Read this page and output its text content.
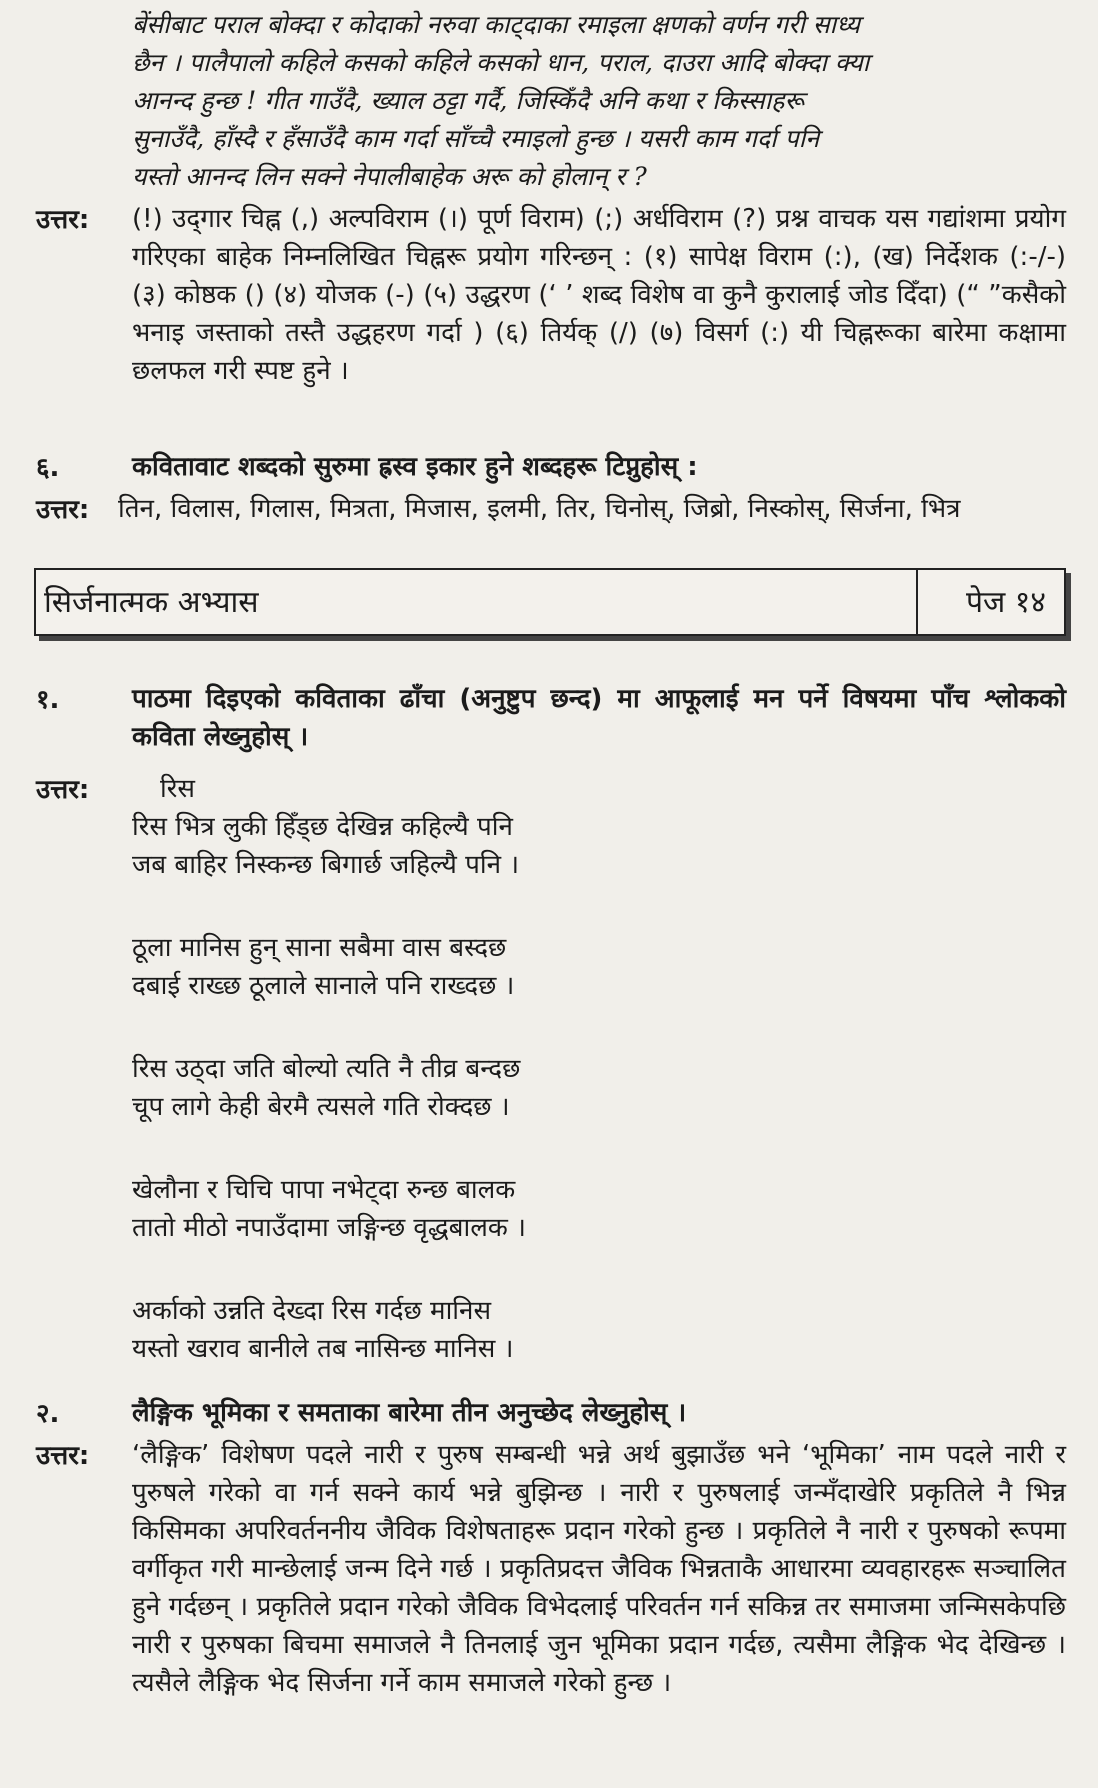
बेंसीबाट पराल बोक्दा र कोदाको नरुवा काट्दाका रमाइला क्षणको वर्णन गरी साध्य
छैन । पालैपालो कहिले कसको कहिले कसको धान, पराल, दाउरा आदि बोक्दा क्या
आनन्द हुन्छ ! गीत गाउँदै, ख्याल ठट्टा गर्दै, जिस्किँदै अनि कथा र किस्साहरू
सुनाउँदै, हाँस्दै र हँसाउँदै काम गर्दा साँच्चै रमाइलो हुन्छ । यसरी काम गर्दा पनि
यस्तो आनन्द लिन सक्ने नेपालीबाहेक अरू को होलान् र ?
उत्तर: (!) उद्‌गार चिह्न (,) अल्पविराम (।) पूर्ण विराम) (;) अर्धविराम (?) प्रश्न वाचक यस गद्यांशमा प्रयोग गरिएका बाहेक निम्नलिखित चिह्नरू प्रयोग गरिन्छन् : (१) सापेक्ष विराम (:), (ख) निर्देशक (:-/-) (३) कोष्ठक () (४) योजक (-) (५) उद्धरण (‘ ’ शब्द विशेष वा कुनै कुरालाई जोड दिँदा) (“ ”कसैको भनाइ जस्ताको तस्तै उद्धहरण गर्दा ) (६) तिर्यक् (/) (७) विसर्ग (:) यी चिह्नरूका बारेमा कक्षामा छलफल गरी स्पष्ट हुने ।

६.	कवितावाट शब्दको सुरुमा ह्रस्व इकार हुने शब्दहरू टिप्नुहोस् :

उत्तर: तिन, विलास, गिलास, मित्रता, मिजास, इलमी, तिर, चिनोस्, जिब्रो, निस्कोस्, सिर्जना, भित्र

सिर्जनात्मक अभ्यास	पेज १४
१.	पाठमा दिइएको कविताका ढाँचा (अनुष्टुप छन्द) मा आफूलाई मन पर्ने विषयमा पाँच श्लोकको कविता लेख्नुहोस् ।

उत्तर:	रिस
रिस भित्र लुकी हिँड्छ देखिन्न कहिल्यै पनि
जब बाहिर निस्कन्छ बिगार्छ जहिल्यै पनि ।
ठूला मानिस हुन् साना सबैमा वास बस्दछ
दबाई राख्छ ठूलाले सानाले पनि राख्दछ ।
रिस उठ्दा जति बोल्यो त्यति नै तीव्र बन्दछ
चूप लागे केही बेरमै त्यसले गति रोक्दछ ।
खेलौना र चिचि पापा नभेट्दा रुन्छ बालक
तातो मीठो नपाउँदामा जङ्गिन्छ वृद्धबालक ।
अर्काको उन्नति देख्दा रिस गर्दछ मानिस
यस्तो खराव बानीले तब नासिन्छ मानिस ।
२.	लैङ्गिक भूमिका र समताका बारेमा तीन अनुच्छेद लेख्नुहोस् ।

उत्तर: ‘लैङ्गिक’ विशेषण पदले नारी र पुरुष सम्बन्धी भन्ने अर्थ बुझाउँछ भने ‘भूमिका’ नाम पदले नारी र पुरुषले गरेको वा गर्न सक्ने कार्य भन्ने बुझिन्छ । नारी र पुरुषलाई जन्मँदाखेरि प्रकृतिले नै भिन्न किसिमका अपरिवर्तननीय जैविक विशेषताहरू प्रदान गरेको हुन्छ । प्रकृतिले नै नारी र पुरुषको रूपमा वर्गीकृत गरी मान्छेलाई जन्म दिने गर्छ । प्रकृतिप्रदत्त जैविक भिन्नताकै आधारमा व्यवहारहरू सञ्चालित हुने गर्दछन् । प्रकृतिले प्रदान गरेको जैविक विभेदलाई परिवर्तन गर्न सकिन्न तर समाजमा जन्मिसकेपछि नारी र पुरुषका बिचमा समाजले नै तिनलाई जुन भूमिका प्रदान गर्दछ, त्यसैमा लैङ्गिक भेद देखिन्छ । त्यसैले लैङ्गिक भेद सिर्जना गर्ने काम समाजले गरेको हुन्छ ।
